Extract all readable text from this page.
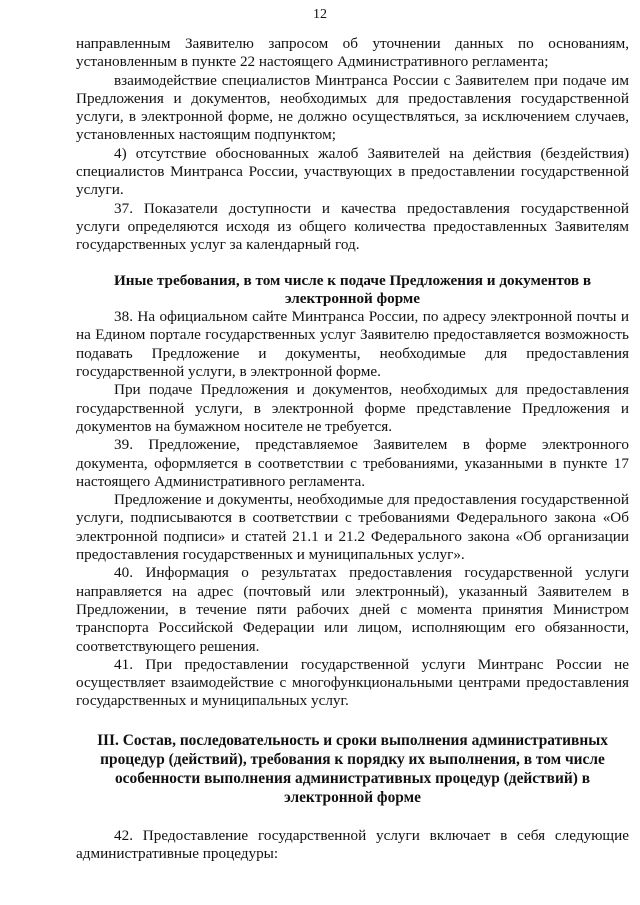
12

направленным Заявителю запросом об уточнении данных по основаниям, установленным в пункте 22 настоящего Административного регламента;

взаимодействие специалистов Минтранса России с Заявителем при подаче им Предложения и документов, необходимых для предоставления государственной услуги, в электронной форме, не должно осуществляться, за исключением случаев, установленных настоящим подпунктом;

4) отсутствие обоснованных жалоб Заявителей на действия (бездействия) специалистов Минтранса России, участвующих в предоставлении государственной услуги.

37. Показатели доступности и качества предоставления государственной услуги определяются исходя из общего количества предоставленных Заявителям государственных услуг за календарный год.

Иные требования, в том числе к подаче Предложения и документов в электронной форме

38. На официальном сайте Минтранса России, по адресу электронной почты и на Едином портале государственных услуг Заявителю предоставляется возможность подавать Предложение и документы, необходимые для предоставления государственной услуги, в электронной форме.

При подаче Предложения и документов, необходимых для предоставления государственной услуги, в электронной форме представление Предложения и документов на бумажном носителе не требуется.

39. Предложение, представляемое Заявителем в форме электронного документа, оформляется в соответствии с требованиями, указанными в пункте 17 настоящего Административного регламента.

Предложение и документы, необходимые для предоставления государственной услуги, подписываются в соответствии с требованиями Федерального закона «Об электронной подписи» и статей 21.1 и 21.2 Федерального закона «Об организации предоставления государственных и муниципальных услуг».

40. Информация о результатах предоставления государственной услуги направляется на адрес (почтовый или электронный), указанный Заявителем в Предложении, в течение пяти рабочих дней с момента принятия Министром транспорта Российской Федерации или лицом, исполняющим его обязанности, соответствующего решения.

41. При предоставлении государственной услуги Минтранс России не осуществляет взаимодействие с многофункциональными центрами предоставления государственных и муниципальных услуг.

III. Состав, последовательность и сроки выполнения административных процедур (действий), требования к порядку их выполнения, в том числе особенности выполнения административных процедур (действий) в электронной форме

42. Предоставление государственной услуги включает в себя следующие административные процедуры:
